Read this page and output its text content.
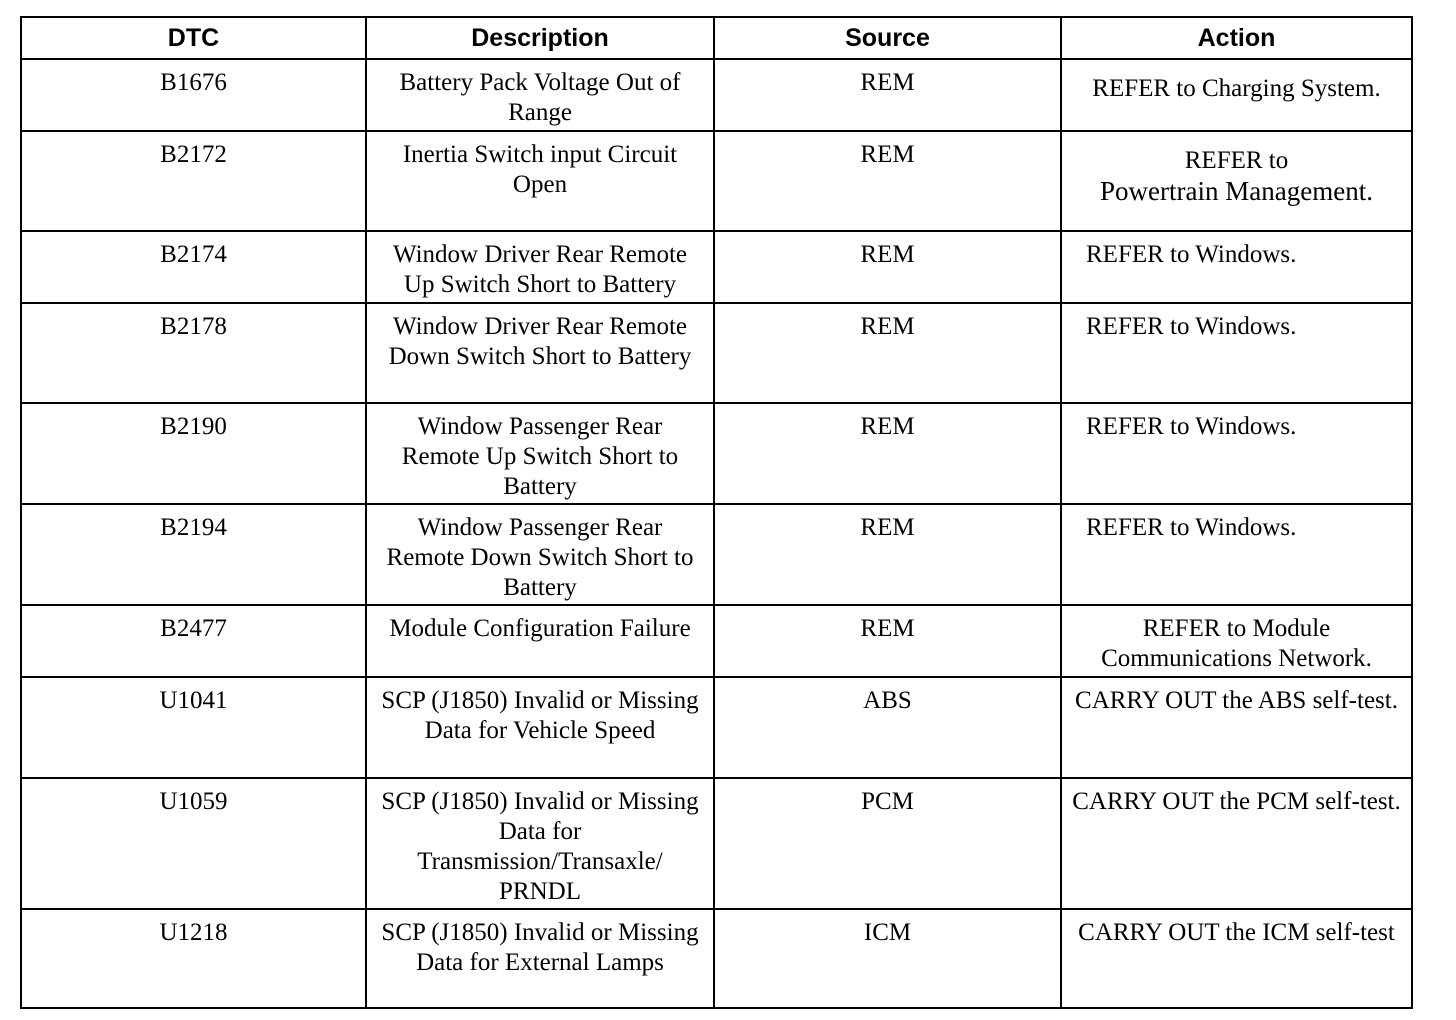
DTC	Description	Source	Action
B1676	Battery Pack Voltage Out of Range	REM	REFER to Charging System.
B2172	Inertia Switch input Circuit Open	REM	REFER to
Powertrain Management.

B2174	Window Driver Rear Remote Up Switch Short to Battery	REM	REFER to Windows.
B2178	Window Driver Rear Remote Down Switch Short to Battery	REM	REFER to Windows.
B2190	Window Passenger Rear Remote Up Switch Short to Battery	REM	REFER to Windows.
B2194	Window Passenger Rear Remote Down Switch Short to Battery	REM	REFER to Windows.
B2477	Module Configuration Failure	REM	REFER to Module Communications Network.
U1041	SCP (J1850) Invalid or Missing Data for Vehicle Speed	ABS	CARRY OUT the ABS self-test.
U1059	SCP (J1850) Invalid or Missing Data for Transmission/Transaxle/ PRNDL	PCM	CARRY OUT the PCM self-test.
U1218	SCP (J1850) Invalid or Missing Data for External Lamps	ICM	CARRY OUT the ICM self-test
